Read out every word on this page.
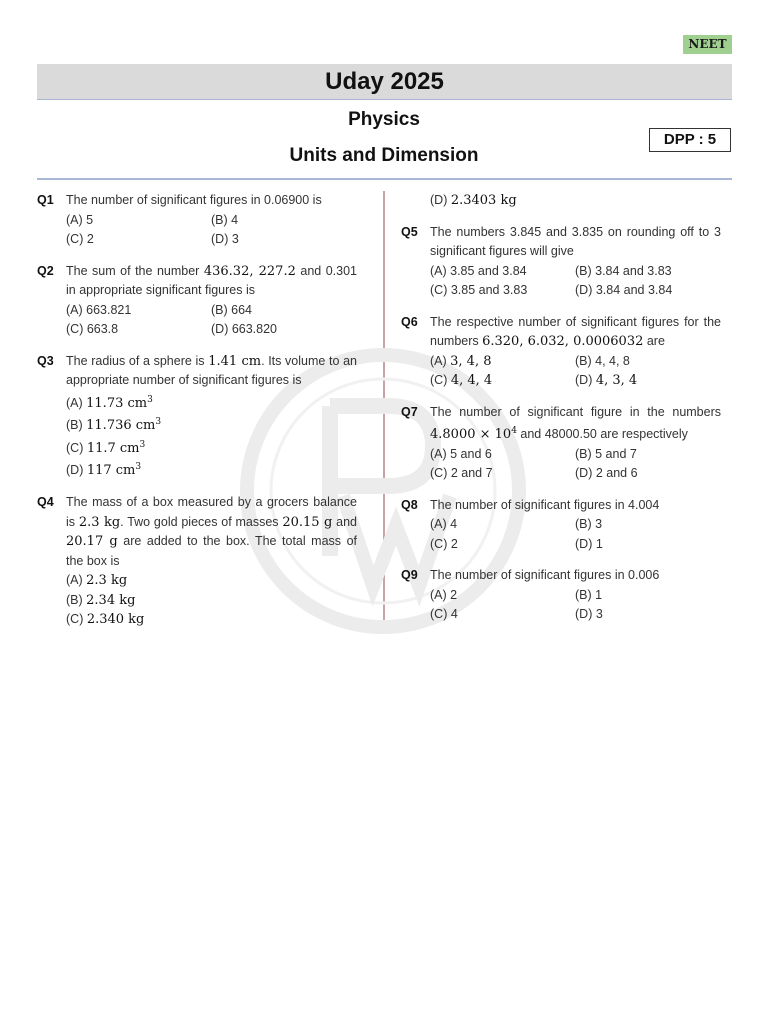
NEET
Uday 2025
Physics
Units and Dimension
DPP : 5
Q1 The number of significant figures in 0.06900 is
(A) 5	(B) 4
(C) 2	(D) 3
Q2 The sum of the number 436.32, 227.2 and 0.301 in appropriate significant figures is
(A) 663.821	(B) 664
(C) 663.8	(D) 663.820
Q3 The radius of a sphere is 1.41 cm. Its volume to an appropriate number of significant figures is
(A) 11.73 $cm^3$
(B) 11.736 $cm^3$
(C) 11.7 $cm^3$
(D) 117 $cm^3$
Q4 The mass of a box measured by a grocers balance is 2.3 kg. Two gold pieces of masses 20.15 g and 20.17 g are added to the box. The total mass of the box is
(A) 2.3 kg
(B) 2.34 kg
(C) 2.340 kg
(D) 2.3403 kg
Q5 The numbers 3.845 and 3.835 on rounding off to 3 significant figures will give
(A) 3.85 and 3.84	(B) 3.84 and 3.83
(C) 3.85 and 3.83	(D) 3.84 and 3.84
Q6 The respective number of significant figures for the numbers 6.320, 6.032, 0.0006032 are
(A) 3, 4, 8	(B) 4, 4, 8
(C) 4, 4, 4	(D) 4, 3, 4
Q7 The number of significant figure in the numbers $4.8000 \times 10^4$ and 48000.50 are respectively
(A) 5 and 6	(B) 5 and 7
(C) 2 and 7	(D) 2 and 6
Q8 The number of significant figures in 4.004
(A) 4	(B) 3
(C) 2	(D) 1
Q9 The number of significant figures in 0.006
(A) 2	(B) 1
(C) 4	(D) 3
